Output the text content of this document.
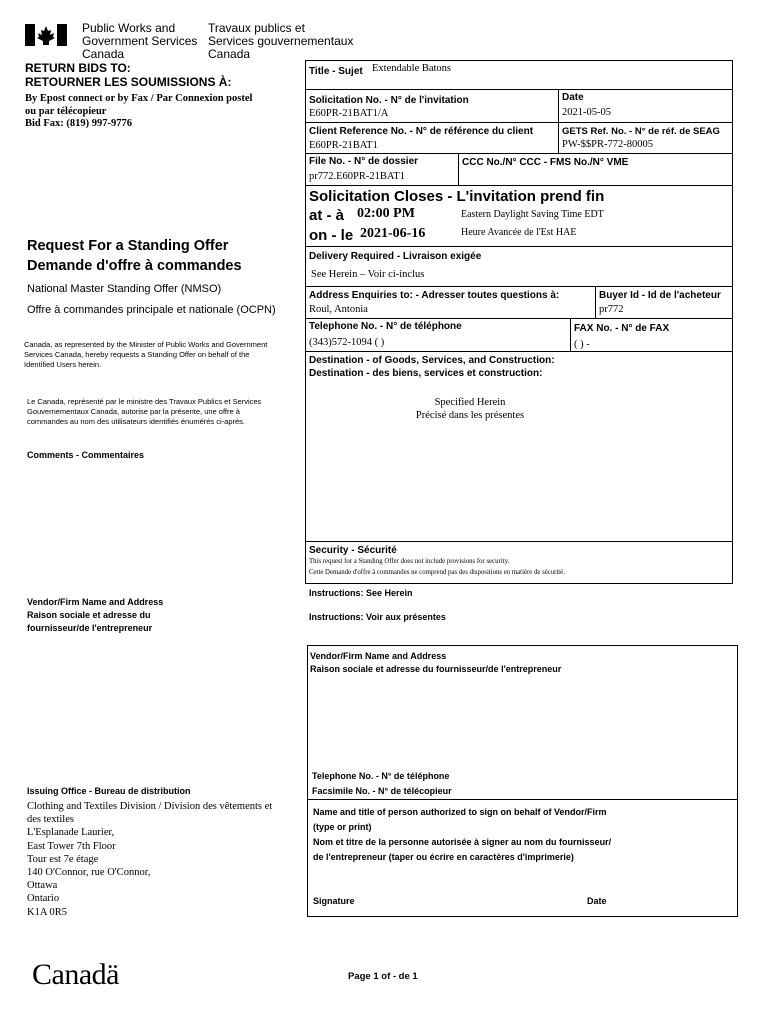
Public Works and
Government Services
Canada
Travaux publics et
Services gouvernementaux
Canada
RETURN BIDS TO:
RETOURNER LES SOUMISSIONS À:
By Epost connect or by Fax / Par Connexion postel
ou par télécopieur
Bid Fax: (819) 997-9776
Request For a Standing Offer
Demande d'offre à commandes
National Master Standing Offer (NMSO)
Offre à commandes principale et nationale (OCPN)
Canada, as represented by the Minister of Public Works and Government Services Canada, hereby requests a Standing Offer on behalf of the Identified Users herein.
Le Canada, représenté par le ministre des Travaux Publics et Services Gouvernementaux Canada, autorise par la présente, une offre à commandes au nom des utilisateurs identifiés énumérés ci-après.
Comments - Commentaires
Vendor/Firm Name and Address
Raison sociale et adresse du
fournisseur/de l'entrepreneur
Issuing Office - Bureau de distribution
Clothing and Textiles Division / Division des vêtements et
des textiles
L'Esplanade Laurier,
East Tower 7th Floor
Tour est 7e étage
140 O'Connor, rue O'Connor,
Ottawa
Ontario
K1A 0R5
Title - Sujet Extendable Batons
Solicitation No. - N° de l'invitation
E60PR-21BAT1/A
Date
2021-05-05
Client Reference No. - N° de référence du client
E60PR-21BAT1
GETS Ref. No. - N° de réf. de SEAG
PW-$$PR-772-80005
File No. - N° de dossier
pr772.E60PR-21BAT1
CCC No./N° CCC - FMS No./N° VME
Solicitation Closes - L'invitation prend fin
at - à 02:00 PM
on - le 2021-06-16
Eastern Daylight Saving Time EDT
Heure Avancée de l'Est HAE
Delivery Required - Livraison exigée
See Herein – Voir ci-inclus
Address Enquiries to: - Adresser toutes questions à:
Roul, Antonia
Buyer Id - Id de l'acheteur
pr772
Telephone No. - N° de téléphone
(343)572-1094 ( )
FAX No. - N° de FAX
( ) -
Destination - of Goods, Services, and Construction:
Destination - des biens, services et construction:
Specified Herein
Précisé dans les présentes
Security - Sécurité
This request for a Standing Offer does not include provisions for security.
Cette Demande d'offre à commandes ne comprend pas des dispositions en matière de sécurité.
Instructions: See Herein
Instructions: Voir aux présentes
Vendor/Firm Name and Address
Raison sociale et adresse du fournisseur/de l'entrepreneur
Telephone No. - N° de téléphone
Facsimile No. - N° de télécopieur
Name and title of person authorized to sign on behalf of Vendor/Firm
(type or print)
Nom et titre de la personne autorisée à signer au nom du fournisseur/
de l'entrepreneur (taper ou écrire en caractères d'imprimerie)
Signature	Date
Canadä	Page 1 of - de 1
